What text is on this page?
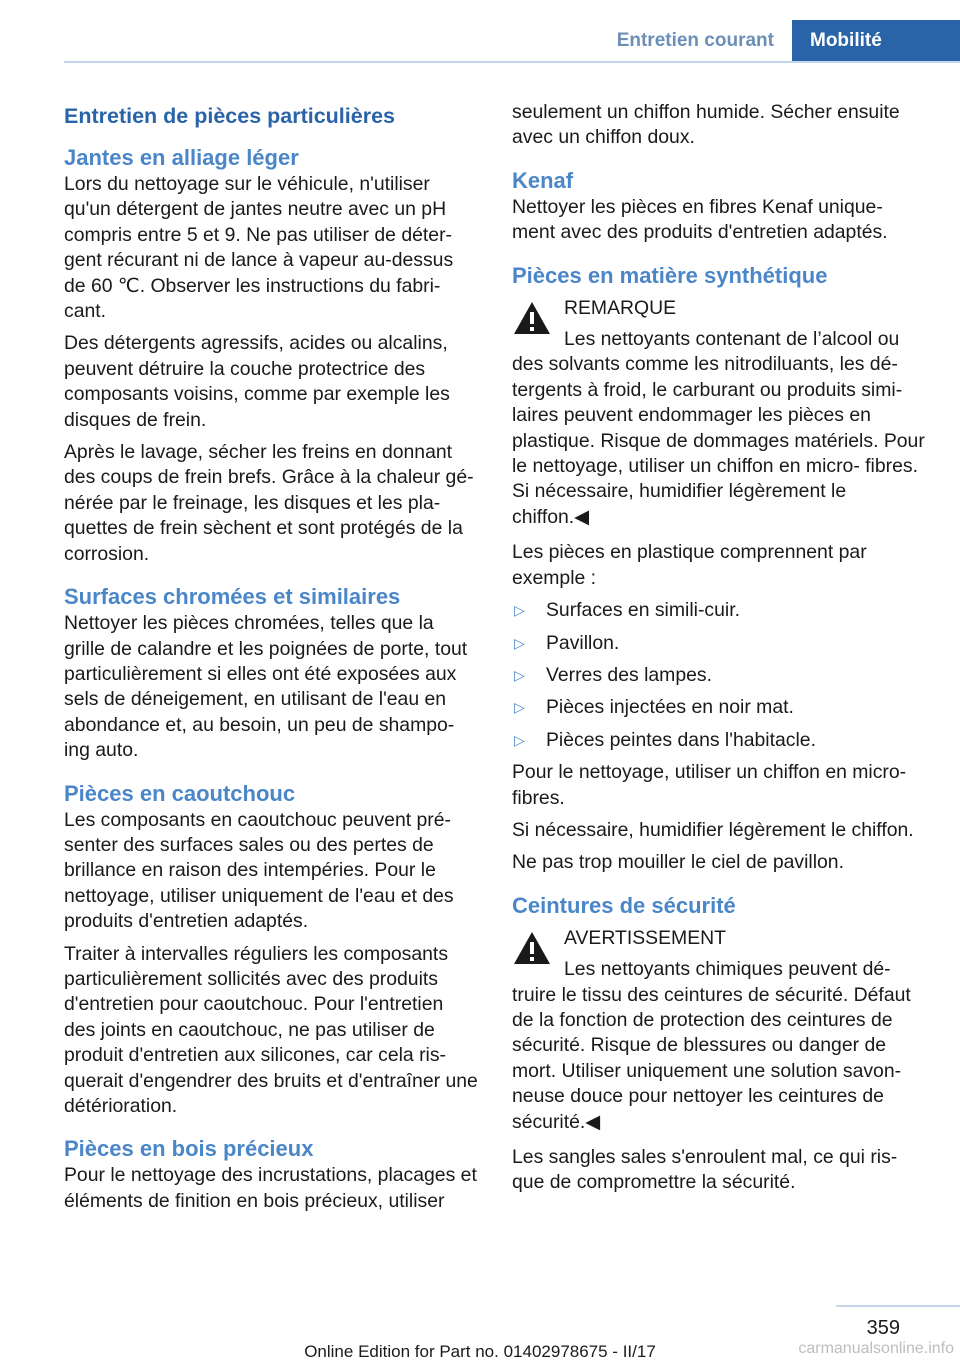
Entretien courant	Mobilité
Entretien de pièces particulières
Jantes en alliage léger

Lors du nettoyage sur le véhicule, n'utiliser qu'un détergent de jantes neutre avec un pH compris entre 5 et 9. Ne pas utiliser de déter‐ gent récurant ni de lance à vapeur au-dessus de 60 ℃. Observer les instructions du fabri‐ cant.

Des détergents agressifs, acides ou alcalins, peuvent détruire la couche protectrice des composants voisins, comme par exemple les disques de frein.

Après le lavage, sécher les freins en donnant des coups de frein brefs. Grâce à la chaleur gé‐ nérée par le freinage, les disques et les pla‐ quettes de frein sèchent et sont protégés de la corrosion.

Surfaces chromées et similaires

Nettoyer les pièces chromées, telles que la grille de calandre et les poignées de porte, tout particulièrement si elles ont été exposées aux sels de déneigement, en utilisant de l'eau en abondance et, au besoin, un peu de shampo‐ ing auto.

Pièces en caoutchouc

Les composants en caoutchouc peuvent pré‐ senter des surfaces sales ou des pertes de brillance en raison des intempéries. Pour le nettoyage, utiliser uniquement de l'eau et des produits d'entretien adaptés.

Traiter à intervalles réguliers les composants particulièrement sollicités avec des produits d'entretien pour caoutchouc. Pour l'entretien des joints en caoutchouc, ne pas utiliser de produit d'entretien aux silicones, car cela ris‐ querait d'engendrer des bruits et d'entraîner une détérioration.

Pièces en bois précieux

Pour le nettoyage des incrustations, placages et éléments de finition en bois précieux, utiliser

seulement un chiffon humide. Sécher ensuite avec un chiffon doux.

Kenaf

Nettoyer les pièces en fibres Kenaf unique‐ ment avec des produits d'entretien adaptés.

Pièces en matière synthétique
REMARQUE
Les nettoyants contenant de l’alcool ou
des solvants comme les nitrodiluants, les dé‐ tergents à froid, le carburant ou produits simi‐ laires peuvent endommager les pièces en plastique. Risque de dommages matériels. Pour le nettoyage, utiliser un chiffon en micro‐ fibres. Si nécessaire, humidifier légèrement le chiffon.◀

Les pièces en plastique comprennent par exemple :

▷ Surfaces en simili-cuir.
▷ Pavillon.
▷ Verres des lampes.
▷ Pièces injectées en noir mat.
▷ Pièces peintes dans l'habitacle.

Pour le nettoyage, utiliser un chiffon en micro‐ fibres.

Si nécessaire, humidifier légèrement le chiffon.

Ne pas trop mouiller le ciel de pavillon.

Ceintures de sécurité
AVERTISSEMENT
Les nettoyants chimiques peuvent dé‐
truire le tissu des ceintures de sécurité. Défaut de la fonction de protection des ceintures de sécurité. Risque de blessures ou danger de mort. Utiliser uniquement une solution savon‐ neuse douce pour nettoyer les ceintures de sécurité.◀

Les sangles sales s'enroulent mal, ce qui ris‐ que de compromettre la sécurité.

359
Online Edition for Part no. 01402978675 - II/17	carmanualsonline.info
